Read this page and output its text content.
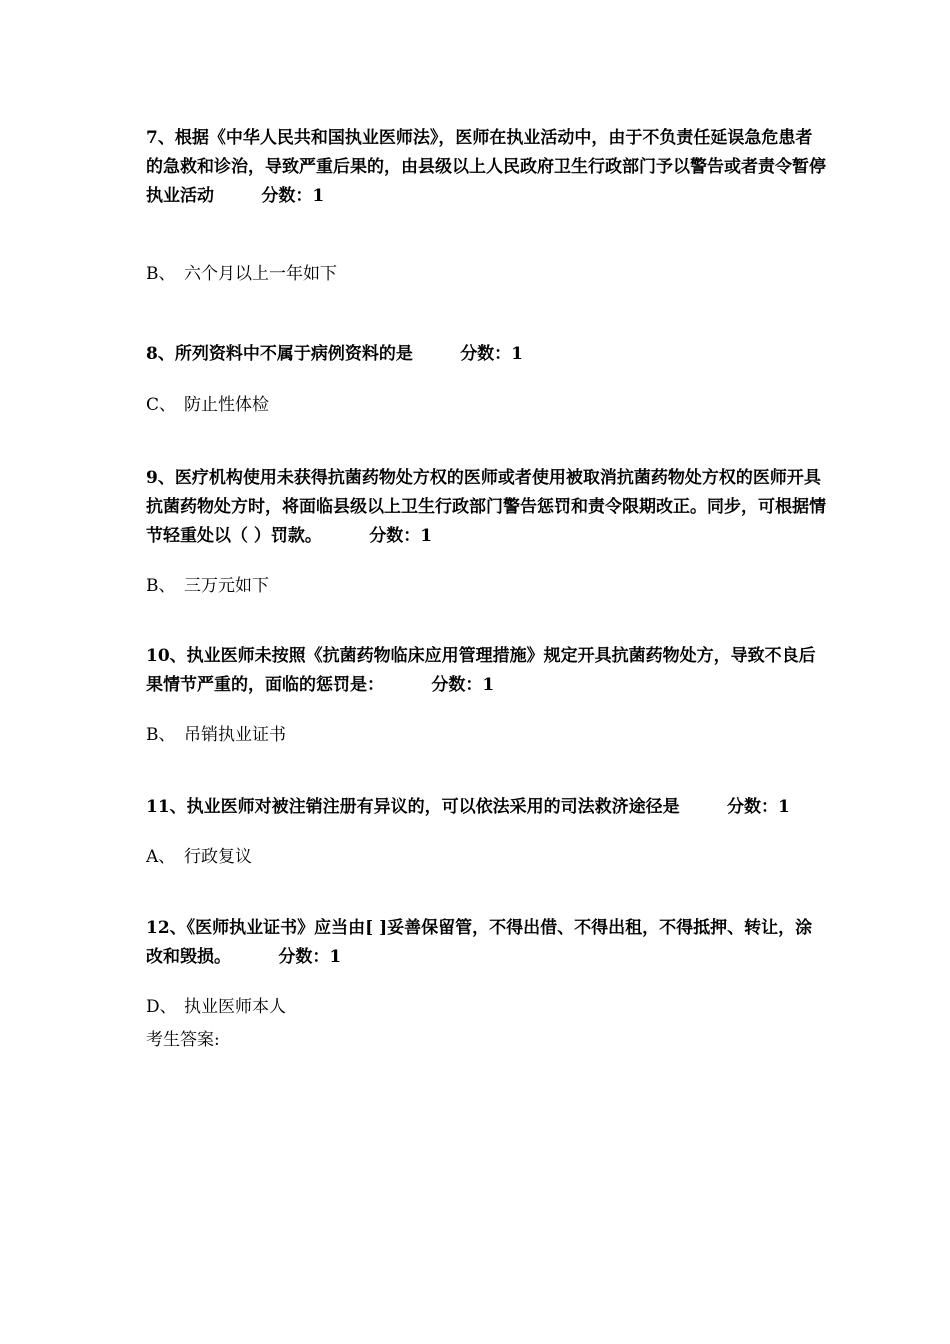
7、根据《中华人民共和国执业医师法》，医师在执业活动中，由于不负责任延误急危患者的急救和诊治，导致严重后果的，由县级以上人民政府卫生行政部门予以警告或者责令暂停执业活动	分数：1

B、 六个月以上一年如下

8、所列资料中不属于病例资料的是	分数：1

C、 防止性体检

9、医疗机构使用未获得抗菌药物处方权的医师或者使用被取消抗菌药物处方权的医师开具抗菌药物处方时，将面临县级以上卫生行政部门警告惩罚和责令限期改正。同步，可根据情节轻重处以（ ）罚款。	分数：1

B、 三万元如下

10、执业医师未按照《抗菌药物临床应用管理措施》规定开具抗菌药物处方，导致不良后果情节严重的，面临的惩罚是：	分数：1

B、 吊销执业证书

11、执业医师对被注销注册有异议的，可以依法采用的司法救济途径是	分数：1

A、 行政复议

12、《医师执业证书》应当由[ ]妥善保留管，不得出借、不得出租，不得抵押、转让，涂改和毁损。	分数：1

D、 执业医师本人

考生答案:
